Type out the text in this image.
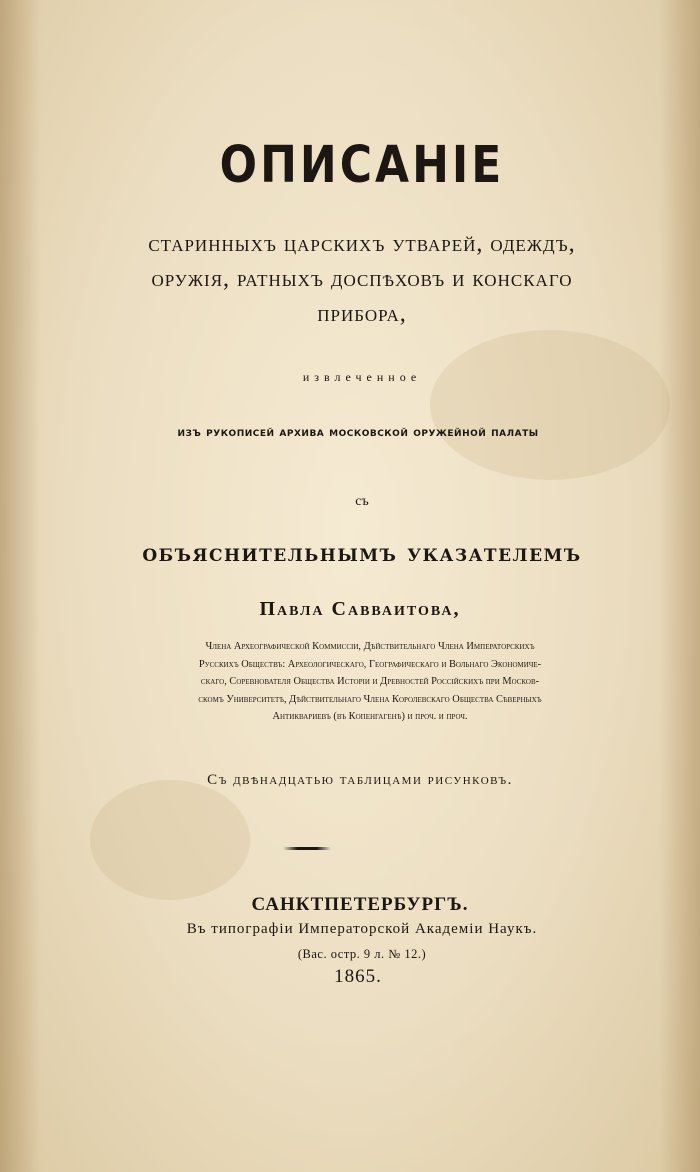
ОПИСАНІЕ
старинныхъ царскихъ утварей, одеждъ,
оружія, ратныхъ доспѣховъ и конскаго
прибора,
извлеченное
изъ рукописей архива московской оружейной палаты
съ
объяснительнымъ указателемъ
Павла Савваитова,
Члена Археографической Коммиссіи, Дѣйствительнаго Члена Императорскихъ
Русскихъ Обществъ: Археологическаго, Географическаго и Вольнаго Экономиче-
скаго, Соревнователя Общества Исторіи и Древностей Россійскихъ при Москов-
скомъ Университетѣ, Дѣйствительнаго Члена Королевскаго Общества Сѣверныхъ
Антиквариевъ (въ Копенгагенѣ) и проч. и проч.
Съ двѣнадцатью таблицами рисунковъ.
САНКТПЕТЕРБУРГЪ.
Въ типографіи Императорской Академіи Наукъ.
(Вас. остр. 9 л. № 12.)
1865.
